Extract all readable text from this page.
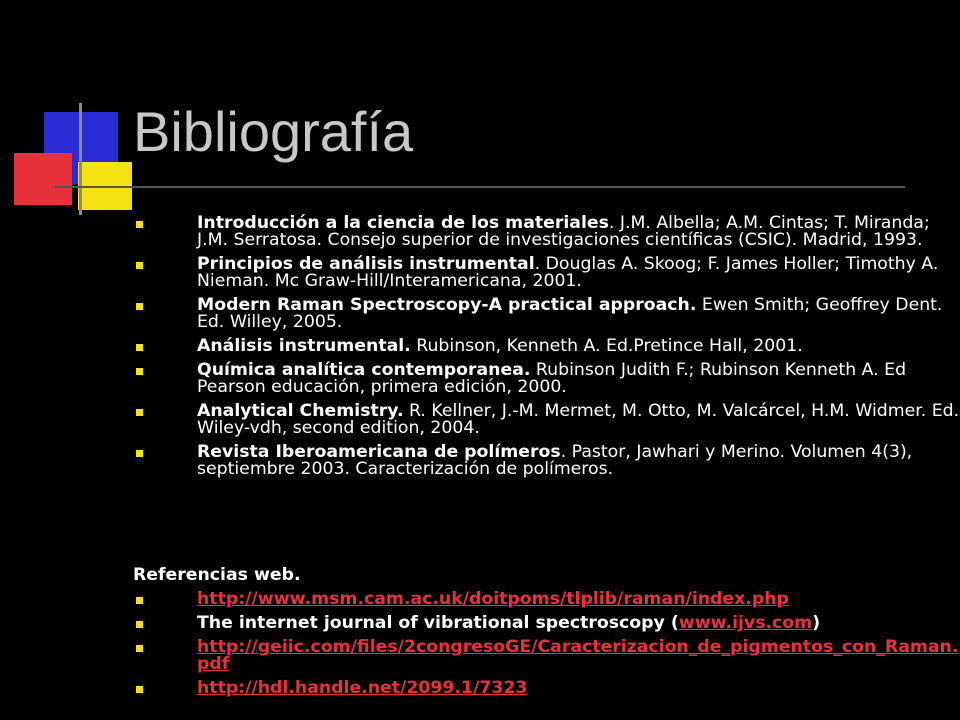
Bibliografía
Introducción a la ciencia de los materiales. J.M. Albella; A.M. Cintas; T. Miranda; J.M. Serratosa. Consejo superior de investigaciones científicas (CSIC). Madrid, 1993.
Principios de análisis instrumental. Douglas A. Skoog; F. James Holler; Timothy A. Nieman. Mc Graw-Hill/Interamericana, 2001.
Modern Raman Spectroscopy-A practical approach. Ewen Smith; Geoffrey Dent. Ed. Willey, 2005.
Análisis instrumental. Rubinson, Kenneth A. Ed.Pretince Hall, 2001.
Química analítica contemporanea. Rubinson Judith F.; Rubinson Kenneth A. Ed Pearson educación, primera edición, 2000.
Analytical Chemistry. R. Kellner, J.-M. Mermet, M. Otto, M. Valcárcel, H.M. Widmer. Ed. Wiley-vdh, second edition, 2004.
Revista Iberoamericana de polímeros. Pastor, Jawhari y Merino. Volumen 4(3), septiembre 2003. Caracterización de polímeros.
Referencias web.
http://www.msm.cam.ac.uk/doitpoms/tlplib/raman/index.php
The internet journal of vibrational spectroscopy (www.ijvs.com)
http://geiic.com/files/2congresoGE/Caracterizacion_de_pigmentos_con_Raman.pdf
http://hdl.handle.net/2099.1/7323
